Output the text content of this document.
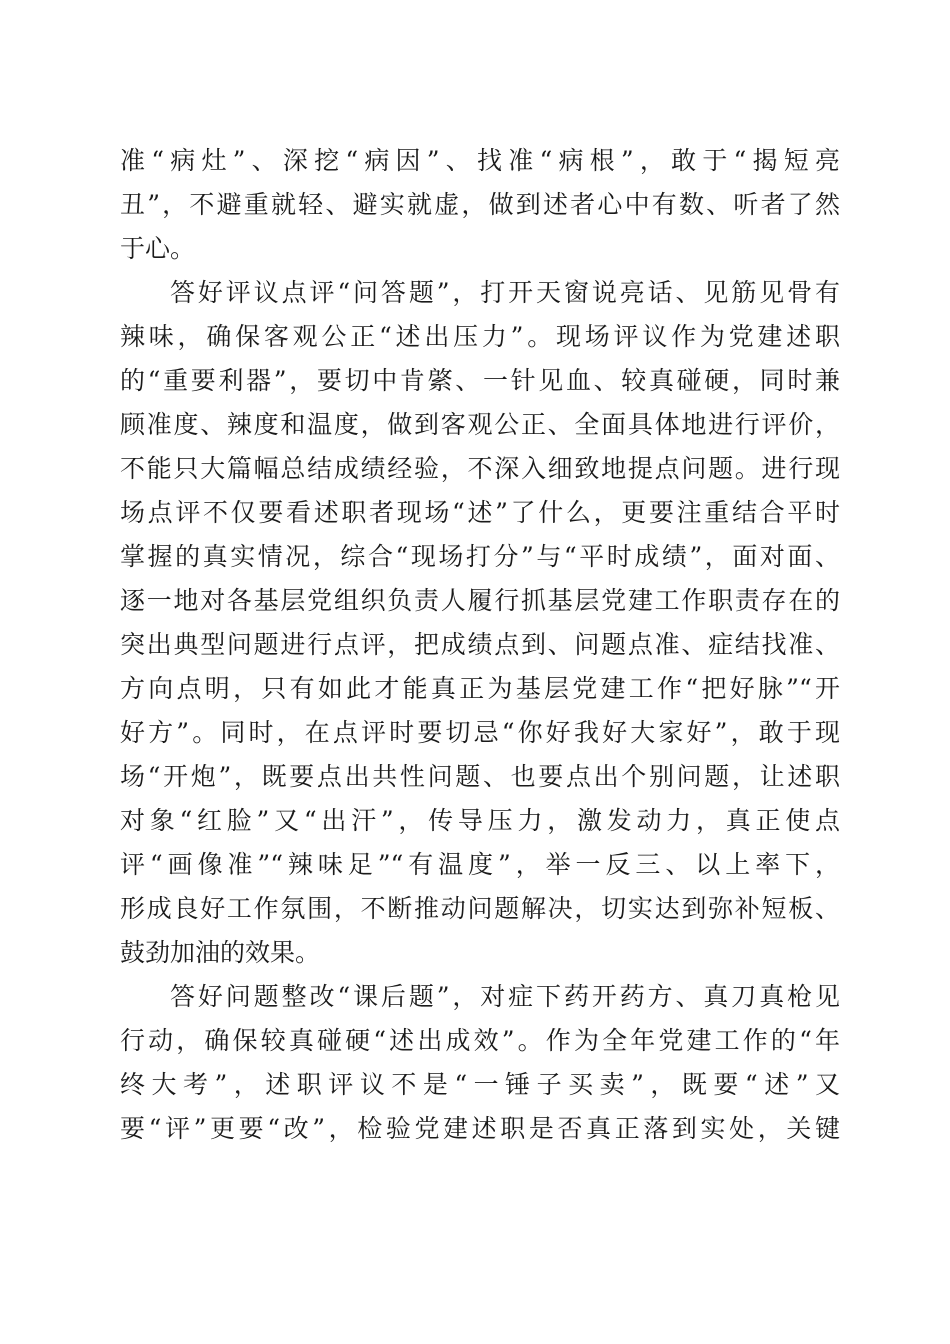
准“病灶”、深挖“病因”、找准“病根”，敢于“揭短亮
丑”，不避重就轻、避实就虚，做到述者心中有数、听者了然
于心。
答好评议点评“问答题”，打开天窗说亮话、见筋见骨有
辣味，确保客观公正“述出压力”。现场评议作为党建述职
的“重要利器”，要切中肯綮、一针见血、较真碰硬，同时兼
顾准度、辣度和温度，做到客观公正、全面具体地进行评价，
不能只大篇幅总结成绩经验，不深入细致地提点问题。进行现
场点评不仅要看述职者现场“述”了什么，更要注重结合平时
掌握的真实情况，综合“现场打分”与“平时成绩”，面对面、
逐一地对各基层党组织负责人履行抓基层党建工作职责存在的
突出典型问题进行点评，把成绩点到、问题点准、症结找准、
方向点明，只有如此才能真正为基层党建工作“把好脉”“开
好方”。同时，在点评时要切忌“你好我好大家好”，敢于现
场“开炮”，既要点出共性问题、也要点出个别问题，让述职
对象“红脸”又“出汗”，传导压力，激发动力，真正使点
评“画像准”“辣味足”“有温度”，举一反三、以上率下，
形成良好工作氛围，不断推动问题解决，切实达到弥补短板、
鼓劲加油的效果。
答好问题整改“课后题”，对症下药开药方、真刀真枪见
行动，确保较真碰硬“述出成效”。作为全年党建工作的“年
终大考”，述职评议不是“一锤子买卖”，既要“述”又
要“评”更要“改”，检验党建述职是否真正落到实处，关键
